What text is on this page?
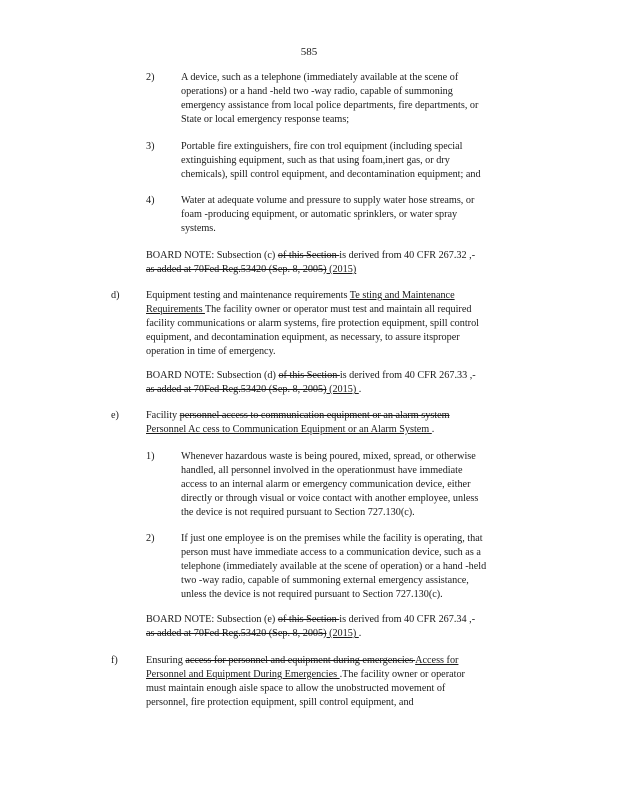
585
2)	A device, such as a telephone (immediately available at the scene of
operations) or a hand -held two -way radio, capable of summoning
emergency assistance from local police departments, fire departments, or
State or local emergency response teams;
3)	Portable fire extinguishers, fire con trol equipment (including special
extinguishing equipment, such as that using foam,inert gas, or dry
chemicals), spill control equipment, and decontamination equipment; and
4)	Water at adequate volume and pressure to supply water hose streams, or
foam -producing equipment, or automatic sprinklers, or water spray
systems.
BOARD NOTE: Subsection (c) of this Section is derived from 40 CFR 267.32 ,-
as added at 70Fed Reg.53420 (Sep. 8, 2005) (2015)
d)	Equipment testing and maintenance requirements Te sting and Maintenance
Requirements The facility owner or operator must test and maintain all required
facility communications or alarm systems, fire protection equipment, spill control
equipment, and decontamination equipment, as necessary, to assure itsproper
operation in time of emergency.
BOARD NOTE: Subsection (d) of this Section is derived from 40 CFR 267.33 ,-
as added at 70Fed Reg.53420 (Sep. 8, 2005) (2015) .
e)	Facility personnel access to communication equipment or an alarm system
Personnel Ac cess to Communication Equipment or an Alarm System .
1)	Whenever hazardous waste is being poured, mixed, spread, or otherwise
handled, all personnel involved in the operationmust have immediate
access to an internal alarm or emergency communication device, either
directly or through visual or voice contact with another employee, unless
the device is not required pursuant to Section 727.130(c).
2)	If just one employee is on the premises while the facility is operating, that
person must have immediate access to a communication device, such as a
telephone (immediately available at the scene of operation) or a hand -held
two -way radio, capable of summoning external emergency assistance,
unless the device is not required pursuant to Section 727.130(c).
BOARD NOTE: Subsection (e) of this Section is derived from 40 CFR 267.34 ,-
as added at 70Fed Reg.53420 (Sep. 8, 2005) (2015) .
f)	Ensuring access for personnel and equipment during emergencies Access for
Personnel and Equipment During Emergencies .The facility owner or operator
must maintain enough aisle space to allow the unobstructed movement of
personnel, fire protection equipment, spill control equipment, and
